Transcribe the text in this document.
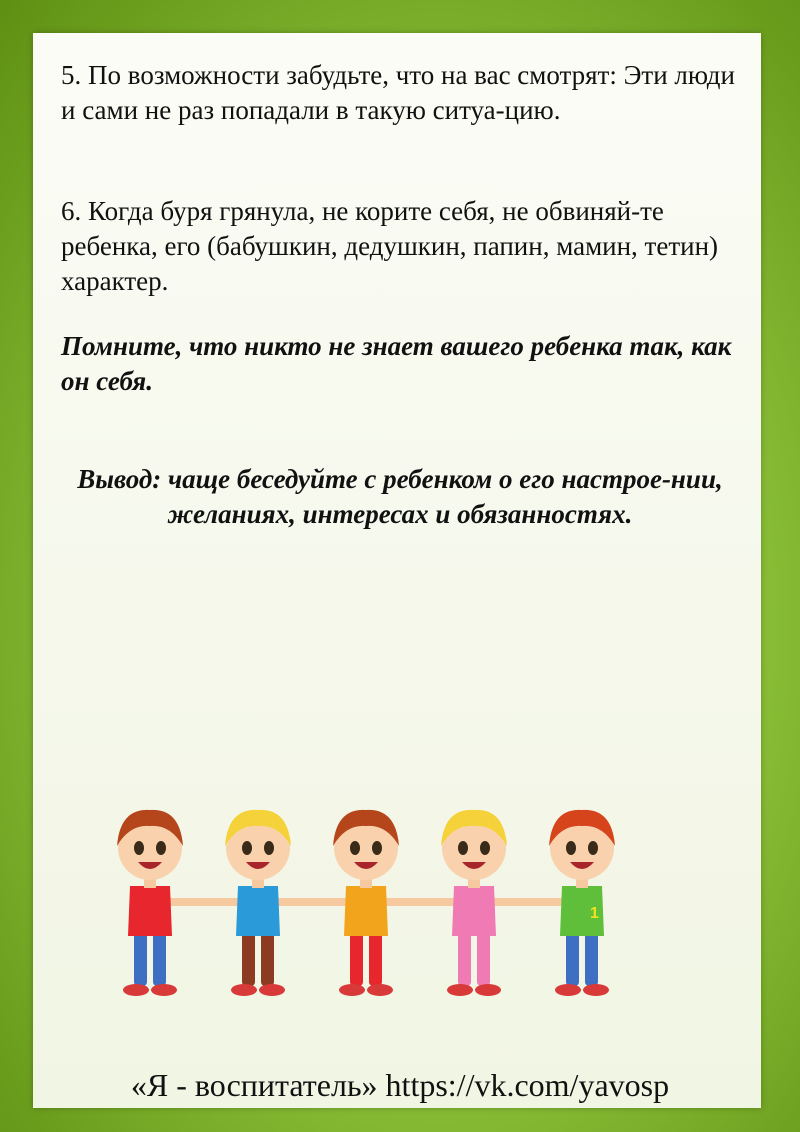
5. По возможности забудьте, что на вас смотрят: Эти люди и сами не раз попадали в такую ситуа-цию.

6. Когда буря грянула, не корите себя, не обвиняй-те ребенка, его (бабушкин, дедушкин, папин, мамин, тетин) характер.

Помните, что никто не знает вашего ребенка так, как он себя.

Вывод: чаще беседуйте с ребенком о его настрое-нии, желаниях, интересах и обязанностях.

1

«Я - воспитатель» https://vk.com/yavosp
